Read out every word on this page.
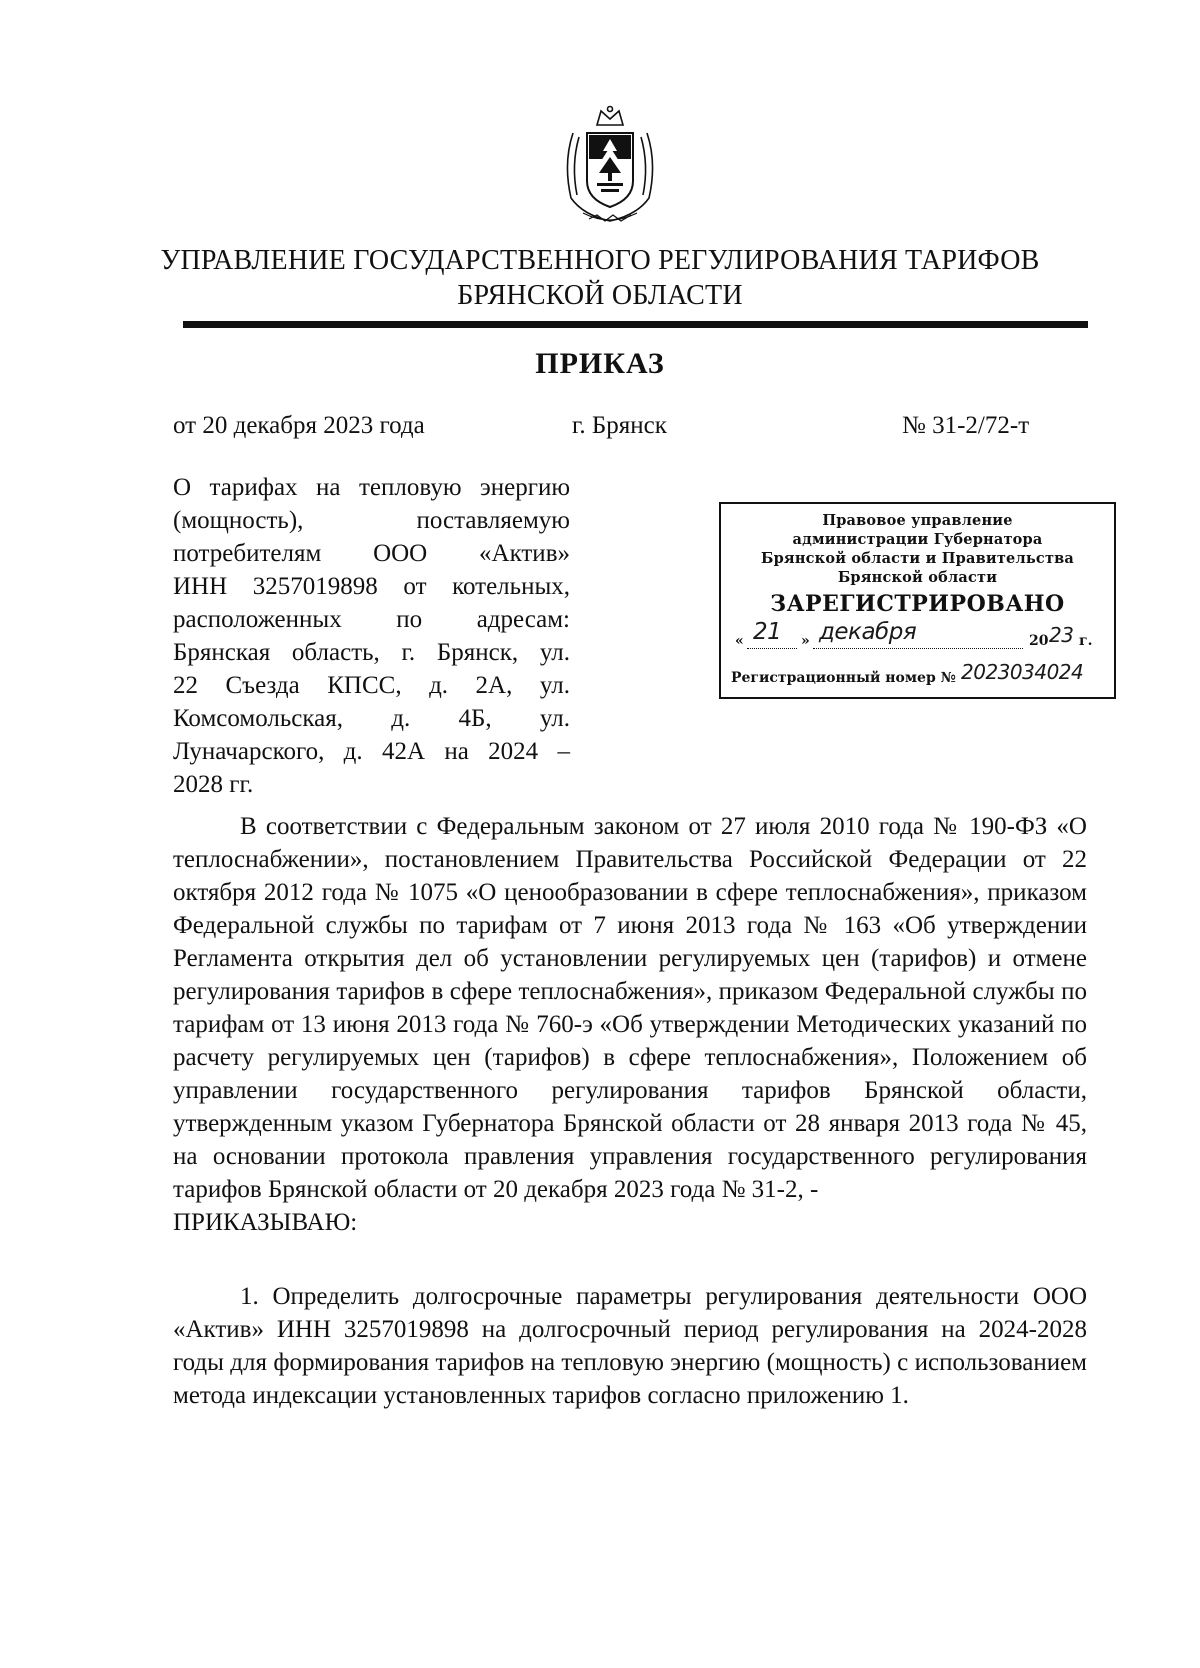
УПРАВЛЕНИЕ ГОСУДАРСТВЕННОГО РЕГУЛИРОВАНИЯ ТАРИФОВ
БРЯНСКОЙ ОБЛАСТИ
ПРИКАЗ
от 20 декабря 2023 года	г. Брянск	№ 31-2/72-т

О тарифах на тепловую энергию

(мощность), поставляемую

потребителям ООО «Актив»

ИНН 3257019898 от котельных,

расположенных по адресам:

Брянская область, г. Брянск, ул.

22 Съезда КПСС, д. 2А, ул.

Комсомольская, д. 4Б, ул.

Луначарского, д. 42А на 2024 –

2028 гг.

Правовое управление
администрации Губернатора
Брянской области и Правительства
Брянской области
ЗАРЕГИСТРИРОВАНО
« 21 » декабря	20 23 г.
Регистрационный номер № 2023034024

В соответствии с Федеральным законом от 27 июля 2010 года № 190-ФЗ «О теплоснабжении», постановлением Правительства Российской Федерации от 22 октября 2012 года № 1075 «О ценообразовании в сфере теплоснабжения», приказом Федеральной службы по тарифам от 7 июня 2013 года № 163 «Об утверждении Регламента открытия дел об установлении регулируемых цен (тарифов) и отмене регулирования тарифов в сфере теплоснабжения», приказом Федеральной службы по тарифам от 13 июня 2013 года № 760-э «Об утверждении Методических указаний по расчету регулируемых цен (тарифов) в сфере теплоснабжения», Положением об управлении государственного регулирования тарифов Брянской области, утвержденным указом Губернатора Брянской области от 28 января 2013 года № 45, на основании протокола правления управления государственного регулирования тарифов Брянской области от 20 декабря 2023 года № 31-2, -

ПРИКАЗЫВАЮ:

1. Определить долгосрочные параметры регулирования деятельности ООО «Актив» ИНН 3257019898 на долгосрочный период регулирования на 2024-2028 годы для формирования тарифов на тепловую энергию (мощность) с использованием метода индексации установленных тарифов согласно приложению 1.
